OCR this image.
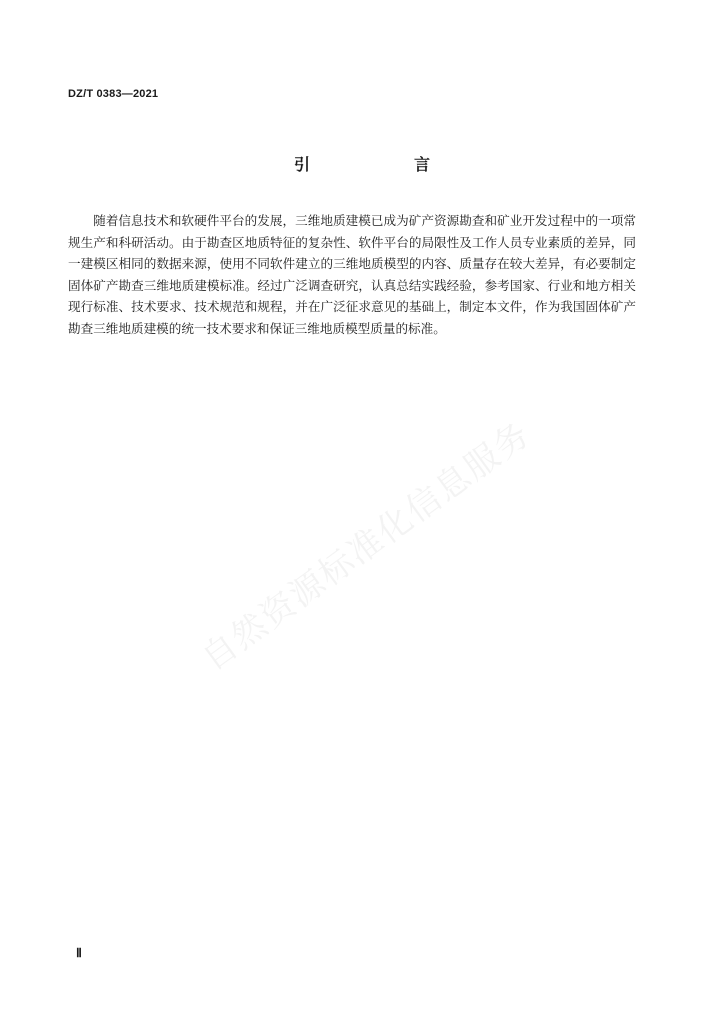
DZ/T 0383—2021
引　言

随着信息技术和软硬件平台的发展，三维地质建模已成为矿产资源勘查和矿业开发过程中的一项常规生产和科研活动。由于勘查区地质特征的复杂性、软件平台的局限性及工作人员专业素质的差异，同一建模区相同的数据来源，使用不同软件建立的三维地质模型的内容、质量存在较大差异，有必要制定固体矿产勘查三维地质建模标准。经过广泛调查研究，认真总结实践经验，参考国家、行业和地方相关现行标准、技术要求、技术规范和规程，并在广泛征求意见的基础上，制定本文件，作为我国固体矿产勘查三维地质建模的统一技术要求和保证三维地质模型质量的标准。

自然资源标准化信息服务
Ⅱ
